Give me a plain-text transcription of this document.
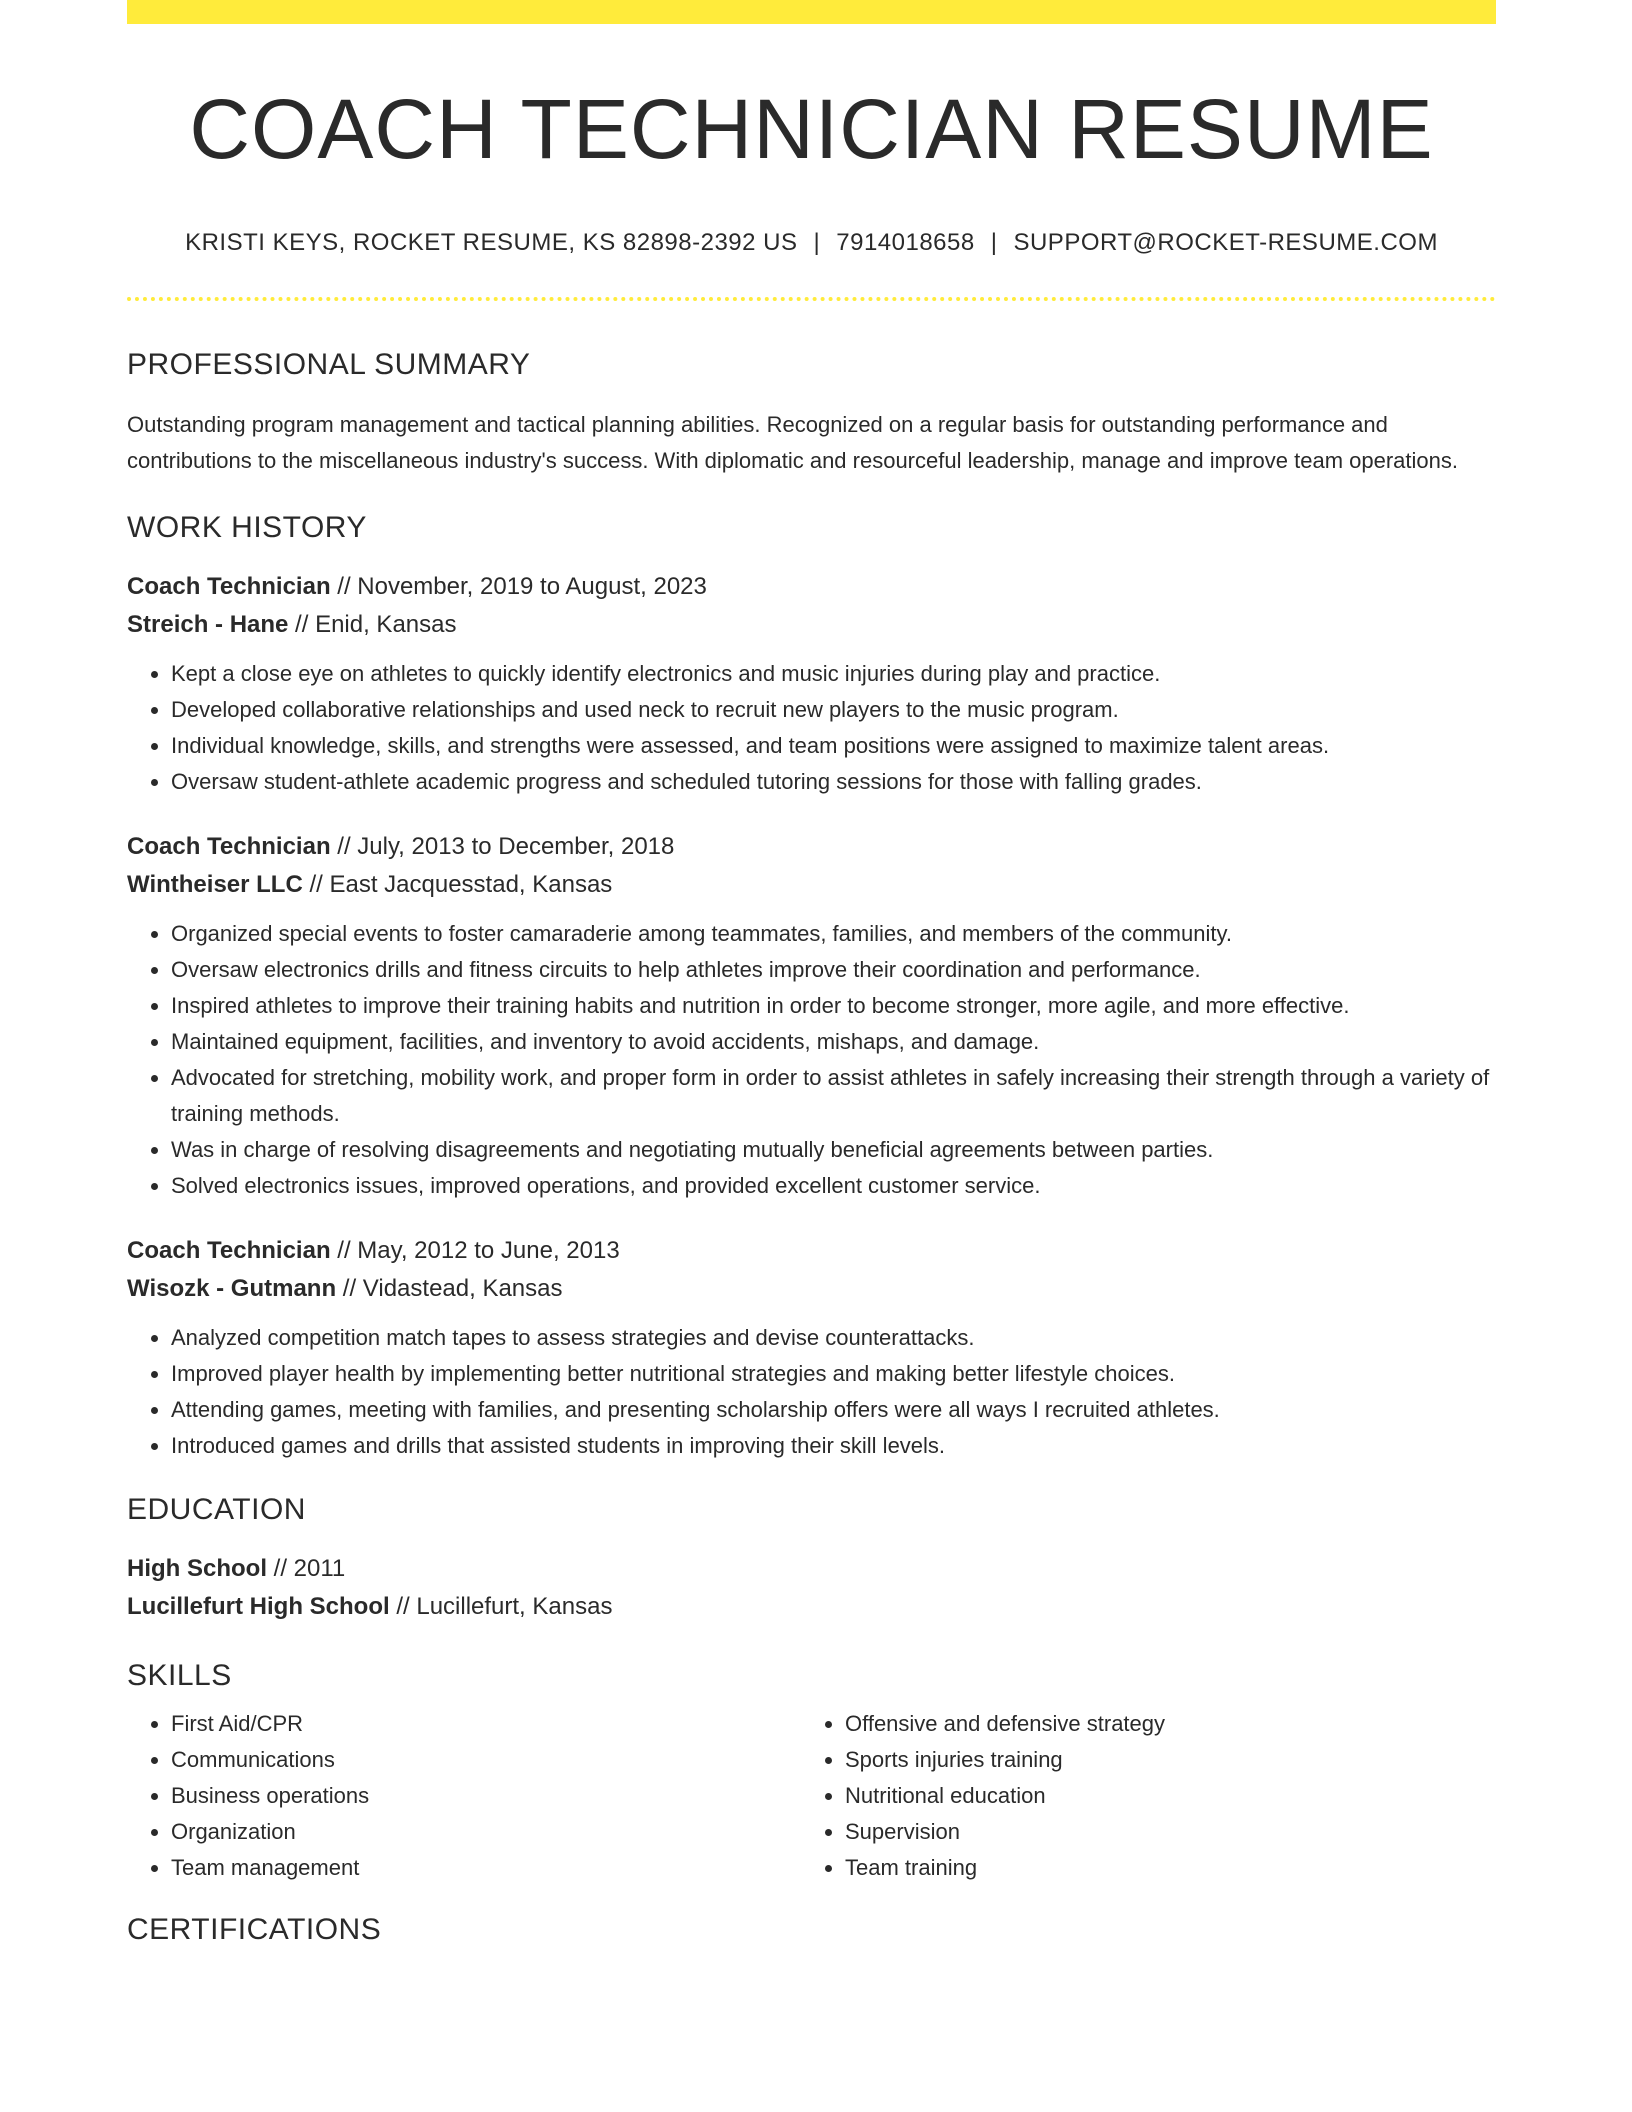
COACH TECHNICIAN RESUME
KRISTI KEYS, ROCKET RESUME, KS 82898-2392 US | 7914018658 | SUPPORT@ROCKET-RESUME.COM
PROFESSIONAL SUMMARY

Outstanding program management and tactical planning abilities. Recognized on a regular basis for outstanding performance and contributions to the miscellaneous industry's success. With diplomatic and resourceful leadership, manage and improve team operations.

WORK HISTORY
Coach Technician // November, 2019 to August, 2023
Streich - Hane // Enid, Kansas
• Kept a close eye on athletes to quickly identify electronics and music injuries during play and practice.
• Developed collaborative relationships and used neck to recruit new players to the music program.
• Individual knowledge, skills, and strengths were assessed, and team positions were assigned to maximize talent areas.
• Oversaw student-athlete academic progress and scheduled tutoring sessions for those with falling grades.
Coach Technician // July, 2013 to December, 2018
Wintheiser LLC // East Jacquesstad, Kansas
• Organized special events to foster camaraderie among teammates, families, and members of the community.
• Oversaw electronics drills and fitness circuits to help athletes improve their coordination and performance.
• Inspired athletes to improve their training habits and nutrition in order to become stronger, more agile, and more effective.
• Maintained equipment, facilities, and inventory to avoid accidents, mishaps, and damage.
• Advocated for stretching, mobility work, and proper form in order to assist athletes in safely increasing their strength through a variety of training methods.
• Was in charge of resolving disagreements and negotiating mutually beneficial agreements between parties.
• Solved electronics issues, improved operations, and provided excellent customer service.
Coach Technician // May, 2012 to June, 2013
Wisozk - Gutmann // Vidastead, Kansas
• Analyzed competition match tapes to assess strategies and devise counterattacks.
• Improved player health by implementing better nutritional strategies and making better lifestyle choices.
• Attending games, meeting with families, and presenting scholarship offers were all ways I recruited athletes.
• Introduced games and drills that assisted students in improving their skill levels.
EDUCATION
High School // 2011
Lucillefurt High School // Lucillefurt, Kansas
SKILLS
• First Aid/CPR
• Communications
• Business operations
• Organization
• Team management
• Offensive and defensive strategy
• Sports injuries training
• Nutritional education
• Supervision
• Team training
CERTIFICATIONS
